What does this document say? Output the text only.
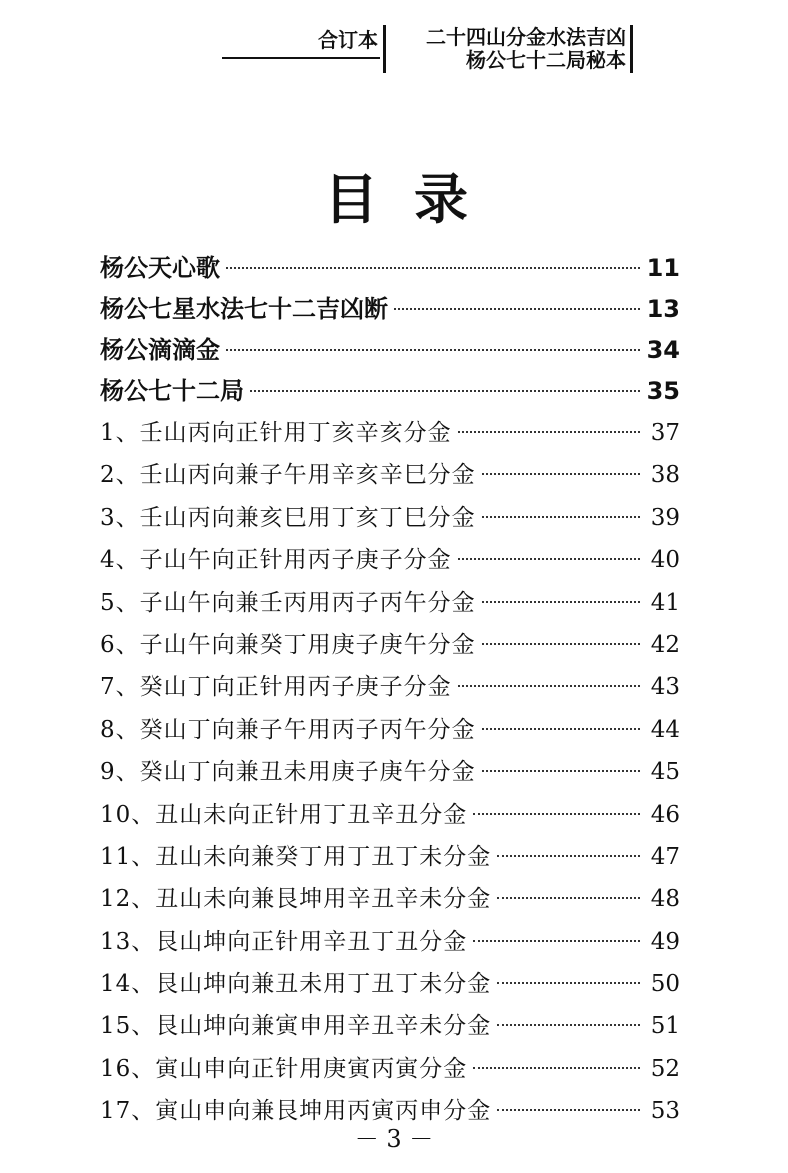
合订本	二十四山分金水法吉凶
杨公七十二局秘本
目录
杨公天心歌	11
杨公七星水法七十二吉凶断	13
杨公滴滴金	34
杨公七十二局	35
1、壬山丙向正针用丁亥辛亥分金	37
2、壬山丙向兼子午用辛亥辛巳分金	38
3、壬山丙向兼亥巳用丁亥丁巳分金	39
4、子山午向正针用丙子庚子分金	40
5、子山午向兼壬丙用丙子丙午分金	41
6、子山午向兼癸丁用庚子庚午分金	42
7、癸山丁向正针用丙子庚子分金	43
8、癸山丁向兼子午用丙子丙午分金	44
9、癸山丁向兼丑未用庚子庚午分金	45
10、丑山未向正针用丁丑辛丑分金	46
11、丑山未向兼癸丁用丁丑丁未分金	47
12、丑山未向兼艮坤用辛丑辛未分金	48
13、艮山坤向正针用辛丑丁丑分金	49
14、艮山坤向兼丑未用丁丑丁未分金	50
15、艮山坤向兼寅申用辛丑辛未分金	51
16、寅山申向正针用庚寅丙寅分金	52
17、寅山申向兼艮坤用丙寅丙申分金	53
－ 3 －
